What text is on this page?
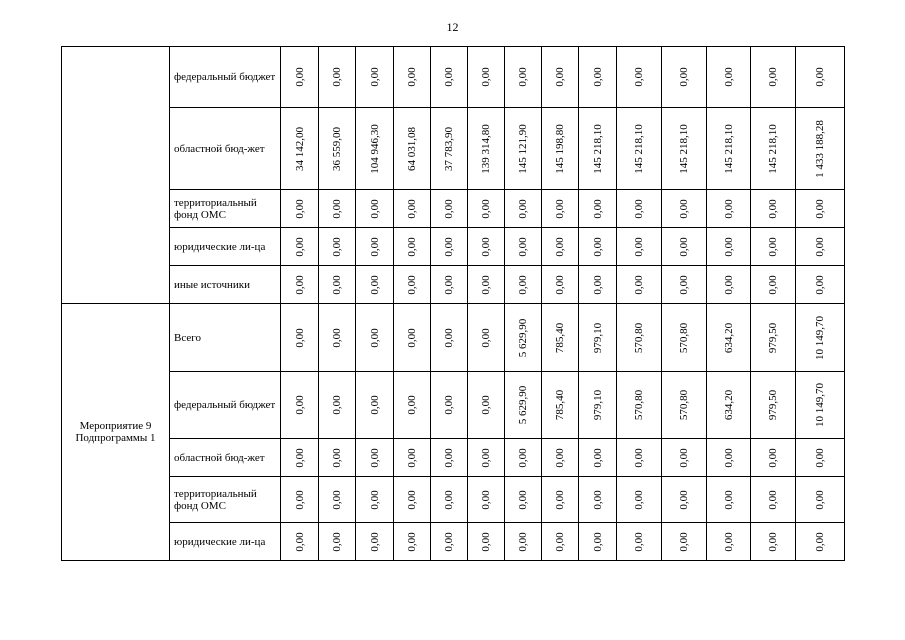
12
	федеральный бюджет	0,00	0,00	0,00	0,00	0,00	0,00	0,00	0,00	0,00	0,00	0,00	0,00	0,00	0,00

	областной бюд-жет	34 142,00	36 559,00	104 946,30	64 031,08	37 783,90	139 314,80	145 121,90	145 198,80	145 218,10	145 218,10	145 218,10	145 218,10	145 218,10	1 433 188,28

	территориальный фонд ОМС	0,00	0,00	0,00	0,00	0,00	0,00	0,00	0,00	0,00	0,00	0,00	0,00	0,00	0,00

	юридические ли-ца	0,00	0,00	0,00	0,00	0,00	0,00	0,00	0,00	0,00	0,00	0,00	0,00	0,00	0,00

	иные источники	0,00	0,00	0,00	0,00	0,00	0,00	0,00	0,00	0,00	0,00	0,00	0,00	0,00	0,00

Мероприятие 9 Подпрограммы 1	Всего	0,00	0,00	0,00	0,00	0,00	0,00	5 629,90	785,40	979,10	570,80	570,80	634,20	979,50	10 149,70

	федеральный бюджет	0,00	0,00	0,00	0,00	0,00	0,00	5 629,90	785,40	979,10	570,80	570,80	634,20	979,50	10 149,70

	областной бюд-жет	0,00	0,00	0,00	0,00	0,00	0,00	0,00	0,00	0,00	0,00	0,00	0,00	0,00	0,00

	территориальный фонд ОМС	0,00	0,00	0,00	0,00	0,00	0,00	0,00	0,00	0,00	0,00	0,00	0,00	0,00	0,00

	юридические ли-ца	0,00	0,00	0,00	0,00	0,00	0,00	0,00	0,00	0,00	0,00	0,00	0,00	0,00	0,00
